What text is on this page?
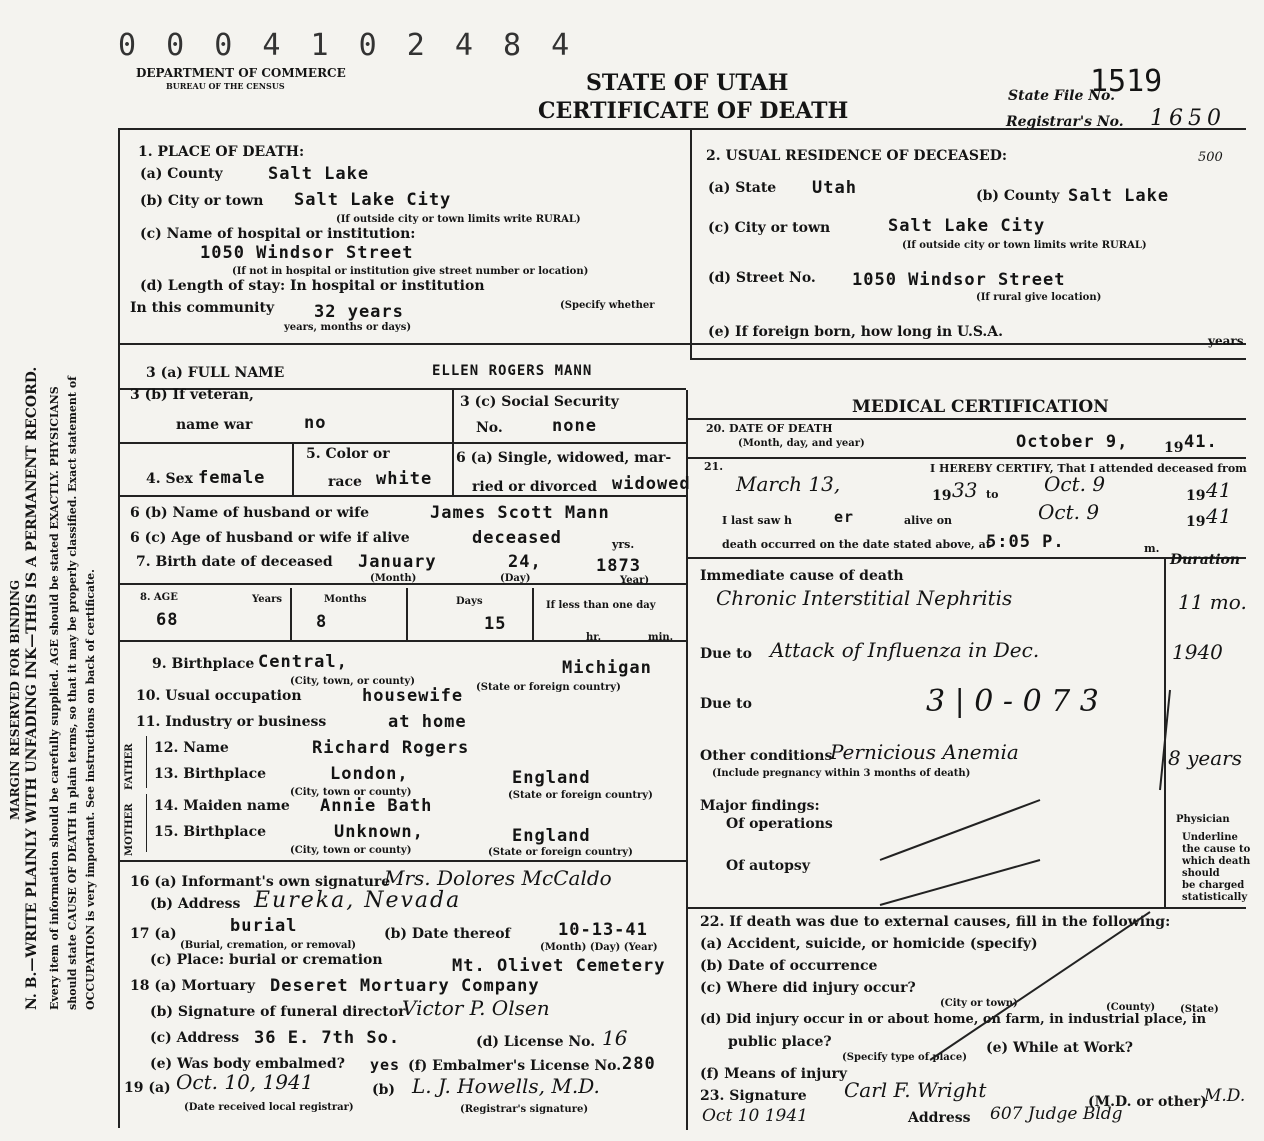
MARGIN RESERVED FOR BINDING N. B.—WRITE PLAINLY WITH UNFADING INK—THIS IS A PERMANENT RECORD. Every item of information should be carefully supplied. AGE should be stated EXACTLY. PHYSICIANS should state CAUSE OF DEATH in plain terms, so that it may be properly classified. Exact statement of OCCUPATION is very important. See instructions on back of certificate.
0 0 0 4 1 0 2 4 8 4
DEPARTMENT OF COMMERCE
BUREAU OF THE CENSUS	STATE OF UTAH
CERTIFICATE OF DEATH
State File No.
1519
Registrar's No. 1650
500
1. PLACE OF DEATH:
(a) County	Salt Lake
(b) City or town Salt Lake City
(If outside city or town limits write RURAL)
(c) Name of hospital or institution:
1050 Windsor Street
(If not in hospital or institution give street number or location)
(d) Length of stay: In hospital or institution
In this community 32 years	(Specify whether
years, months or days)
2. USUAL RESIDENCE OF DECEASED:
(a) State Utah	(b) County Salt Lake
(c) City or town	Salt Lake City
(If outside city or town limits write RURAL)
(d) Street No. 1050 Windsor Street
(If rural give location)
(e) If foreign born, how long in U.S.A.
years
3 (a) FULL NAME	ELLEN ROGERS MANN
3 (b) If veteran,
name war	no
3 (c) Social Security
No.	none
4. Sex female
5. Color or
race white
6 (a) Single, widowed, mar-
ried or divorced widowed
6 (b) Name of husband or wife	James Scott Mann
6 (c) Age of husband or wife if alive	deceased	yrs.
7. Birth date of deceased January	24,	1873
(Month)	(Day)	Year)
8. AGE	Years
68
Months
8
Days
15
If less than one day
hr.	min.
9. Birthplace Central,	Michigan
(City, town, or county)
(State or foreign country)
10. Usual occupation	housewife
11. Industry or business	at home
FATHER
MOTHER
12. Name	Richard Rogers
13. Birthplace	London,	England
(City, town or county)	(State or foreign country)
14. Maiden name Annie Bath
15. Birthplace	Unknown,	England
(City, town or county)	(State or foreign country)
16 (a) Informant's own signature
Mrs. Dolores McCaldo
(b) Address Eureka, Nevada
17 (a)	burial
(Burial, cremation, or removal)
(b) Date thereof	10-13-41
(Month) (Day) (Year)
(c) Place: burial or cremation	Mt. Olivet Cemetery
18 (a) Mortuary Deseret Mortuary Company
(b) Signature of funeral director
Victor P. Olsen
(c) Address 36 E. 7th So.	(d) License No. 16
(e) Was body embalmed? yes (f) Embalmer's License No. 280
19 (a) Oct. 10, 1941
(Date received local registrar)
(b) L. J. Howells, M.D.
(Registrar's signature)
MEDICAL CERTIFICATION
20. DATE OF DEATH
(Month, day, and year)	October 9,	19 41.
21.	I HEREBY CERTIFY, That I attended deceased from
March 13,	19 33 to Oct. 9	19 41
I last saw h	er	alive on	Oct. 9	19 41
death occurred on the date stated above, at
5:05 P.	m.
Duration
Immediate cause of death
Chronic Interstitial Nephritis	11 mo.
Due to Attack of Influenza in Dec.	1940
Due to	3 | 0 - 0 7 3
Other conditions
Pernicious Anemia	8 years
(Include pregnancy within 3 months of death)
Major findings:
Of operations
Of autopsy
Physician
Underline
the cause to
which death
should
be charged
statistically
22. If death was due to external causes, fill in the following:
(a) Accident, suicide, or homicide (specify)
(b) Date of occurrence
(c) Where did injury occur?
(City or town)	(County) (State)
(d) Did injury occur in or about home, on farm, in industrial place, in
public place?
(Specify type of place)
(e) While at Work?
(f) Means of injury
23. Signature Carl F. Wright	(M.D. or other)
M.D.
Oct 10 1941	Address 607 Judge Bldg
